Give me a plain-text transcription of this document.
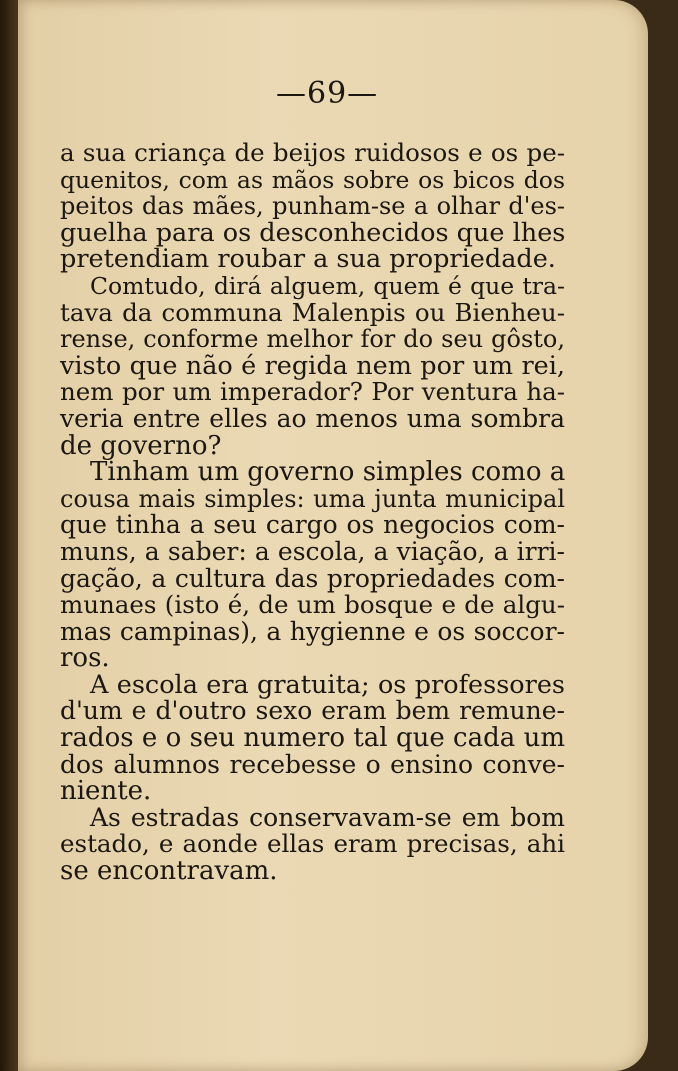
—69—
a sua criança de beijos ruidosos e os pe-
quenitos, com as mãos sobre os bicos dos
peitos das mães, punham-se a olhar d'es-
guelha para os desconhecidos que lhes
pretendiam roubar a sua propriedade.
Comtudo, dirá alguem, quem é que tra-
tava da communa Malenpis ou Bienheu-
rense, conforme melhor for do seu gôsto,
visto que não é regida nem por um rei,
nem por um imperador? Por ventura ha-
veria entre elles ao menos uma sombra
de governo?
Tinham um governo simples como a
cousa mais simples: uma junta municipal
que tinha a seu cargo os negocios com-
muns, a saber: a escola, a viação, a irri-
gação, a cultura das propriedades com-
munaes (isto é, de um bosque e de algu-
mas campinas), a hygienne e os soccor-
ros.
A escola era gratuita; os professores
d'um e d'outro sexo eram bem remune-
rados e o seu numero tal que cada um
dos alumnos recebesse o ensino conve-
niente.
As estradas conservavam-se em bom
estado, e aonde ellas eram precisas, ahi
se encontravam.
